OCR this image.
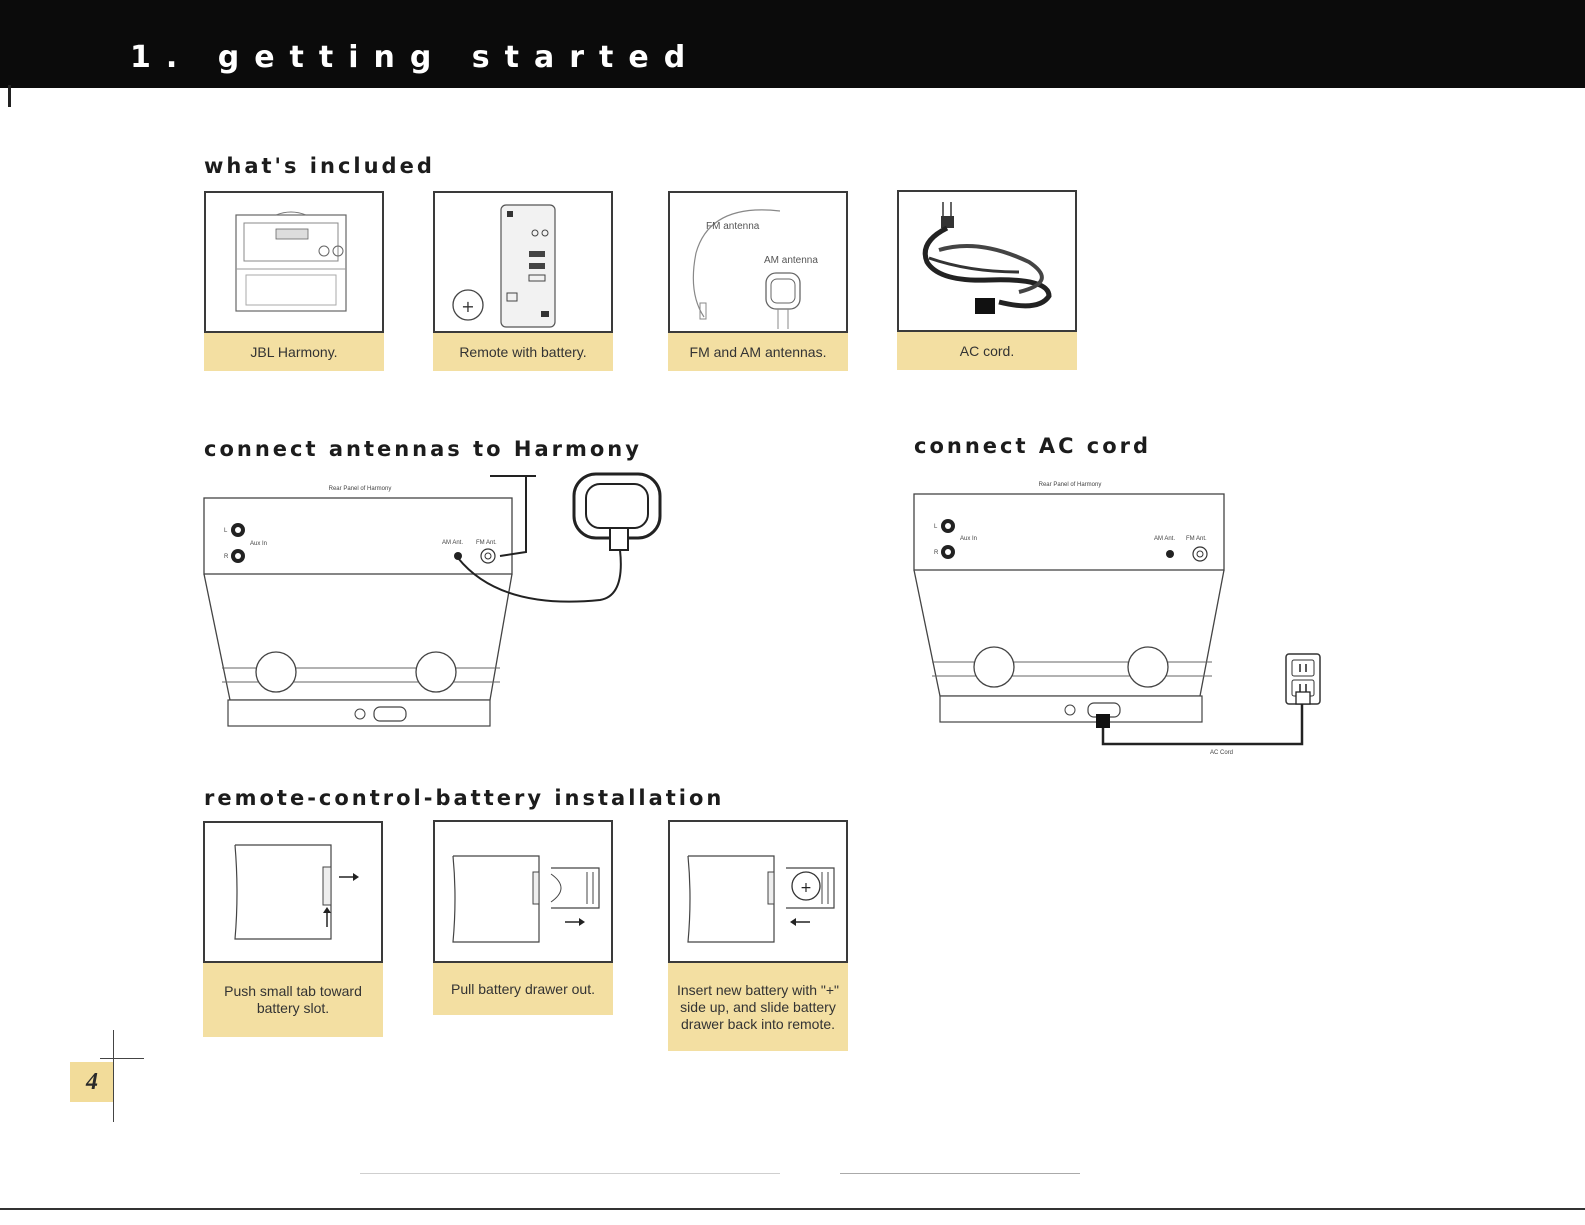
1. getting started
what's included
JBL Harmony.
+
Remote with battery.
FM antenna
AM antenna
FM and AM antennas.	AC cord.
connect antennas to Harmony
Rear Panel of Harmony
L
R
Aux In	AM Ant. FM Ant.
connect AC cord
Rear Panel of Harmony
L
R
Aux In	AM Ant. FM Ant.
AC Cord
remote-control-battery installation
Push small tab toward battery slot.
Pull battery drawer out.
+
Insert new battery with "+" side up, and slide battery drawer back into remote.
4
